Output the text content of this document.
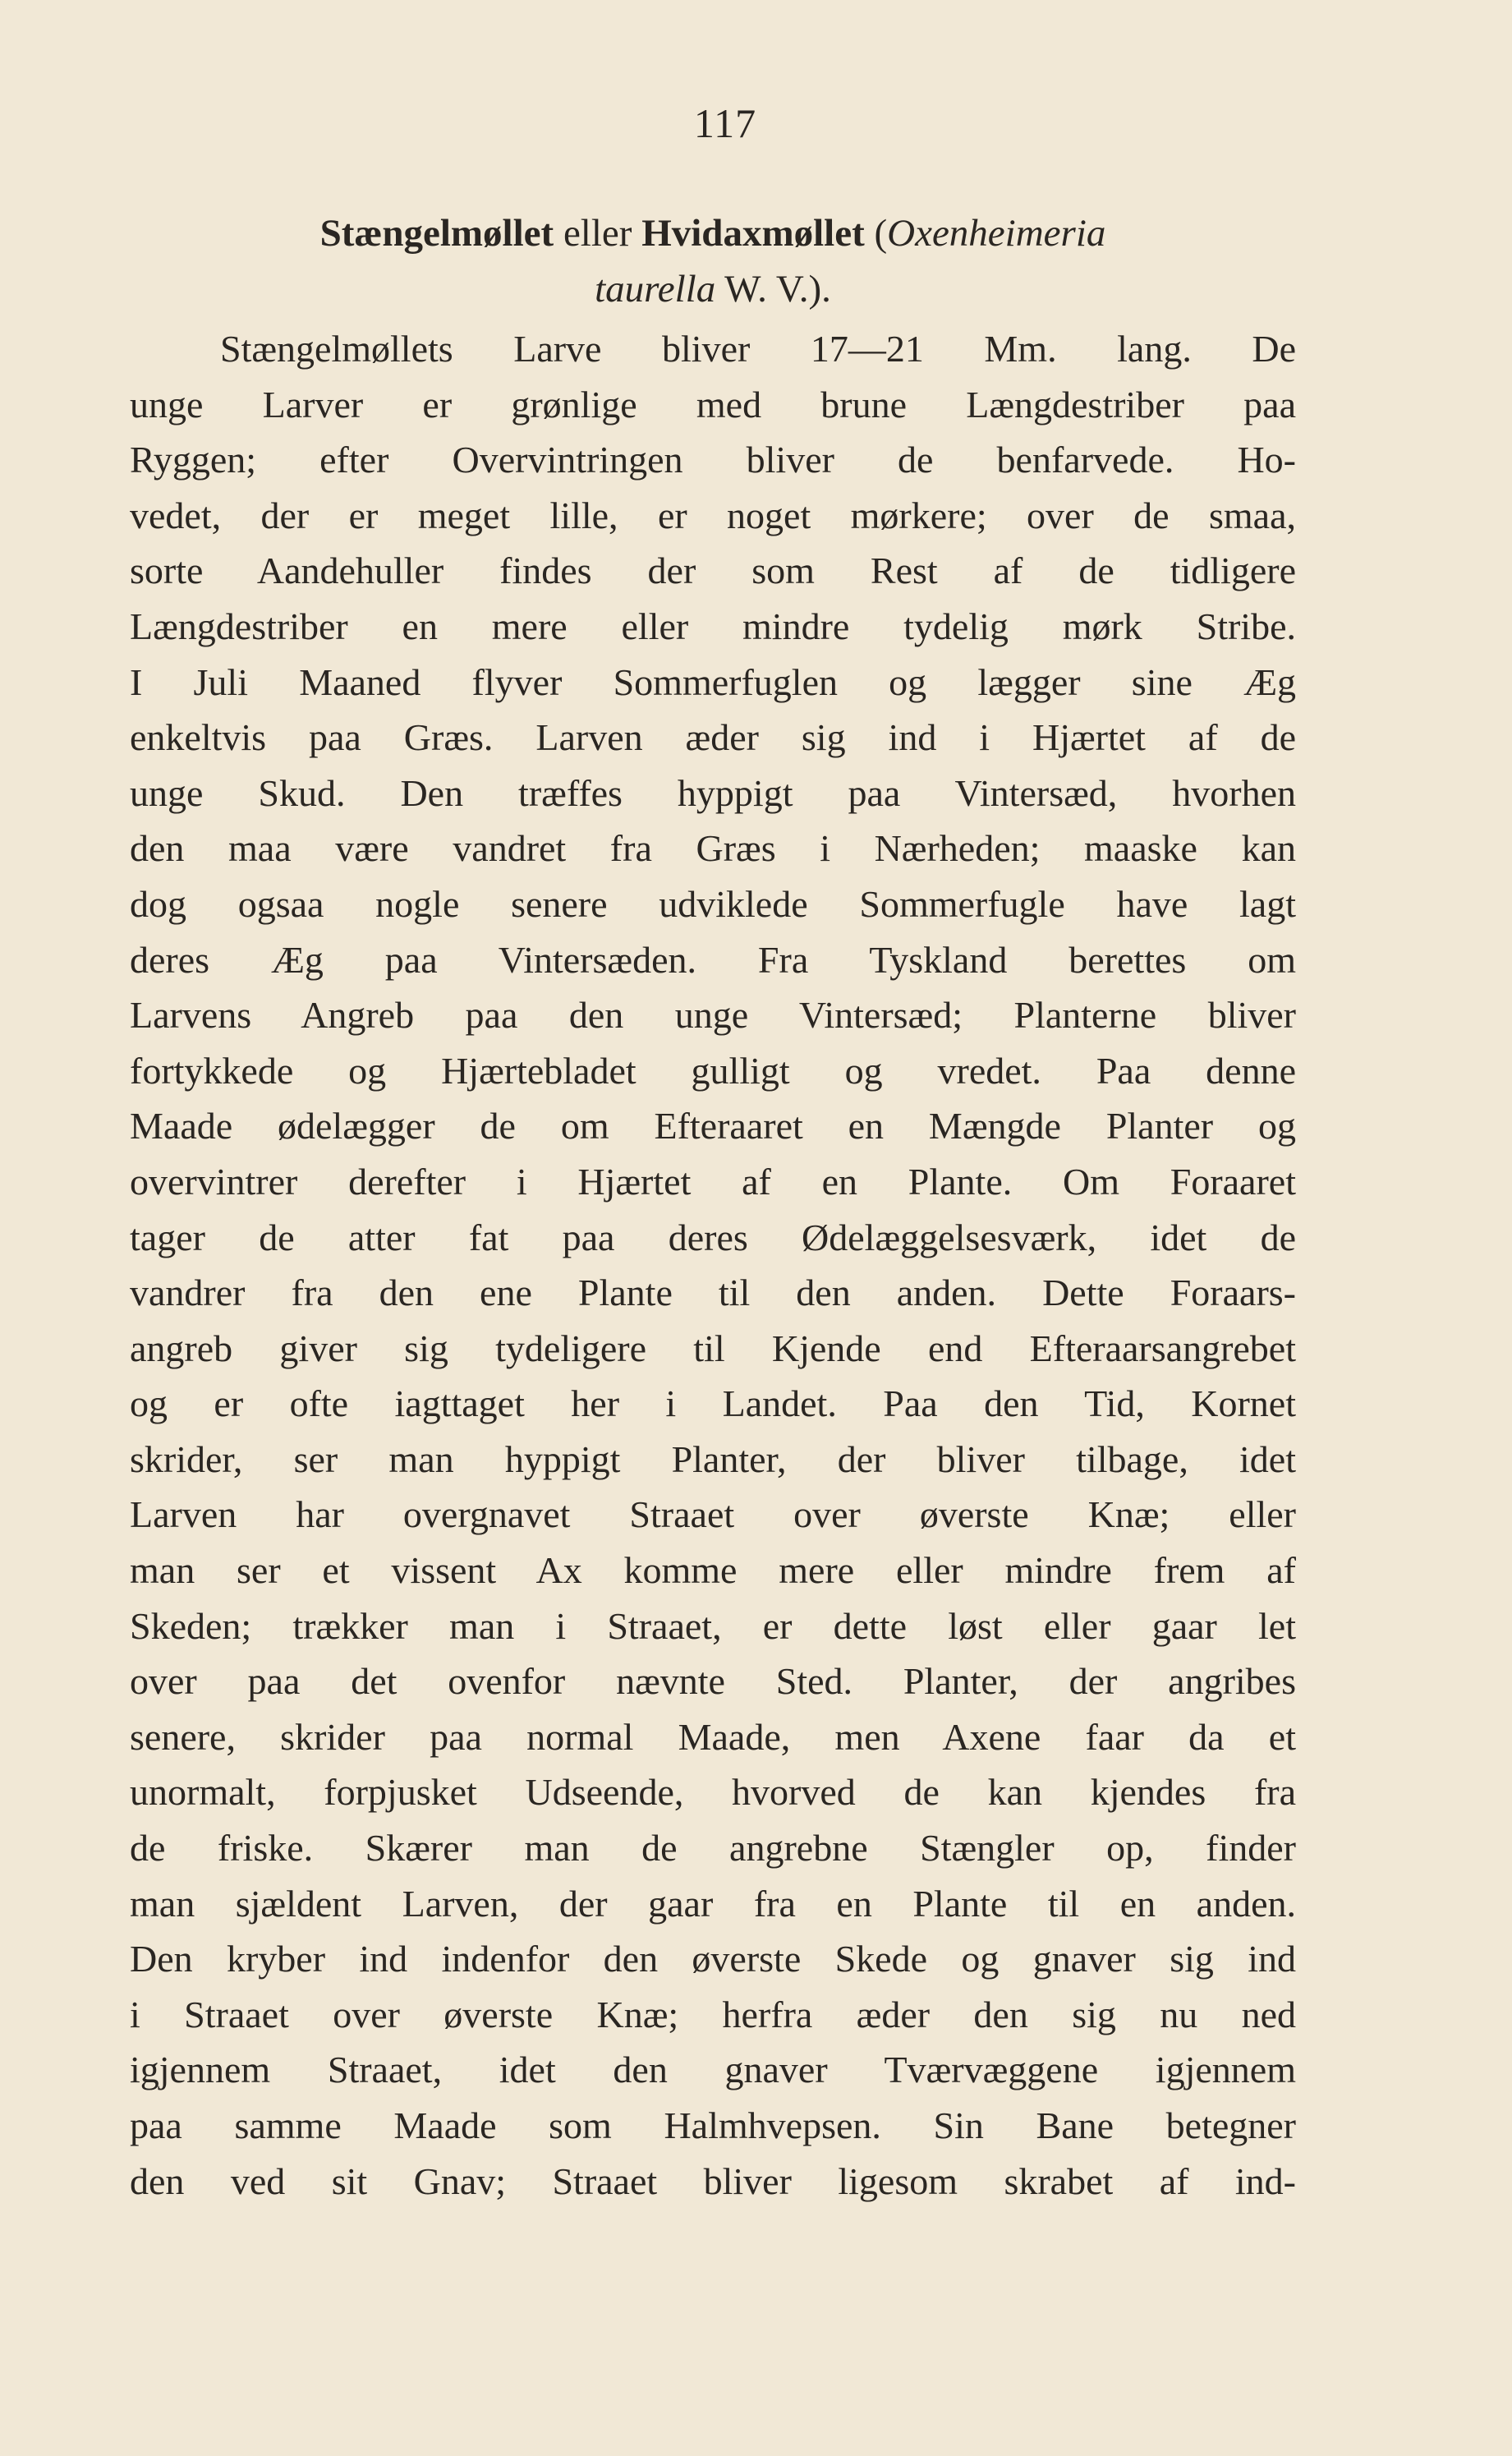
117
Stængelmøllet eller Hvidaxmøllet (Oxenheimeria
taurella W. V.).
Stængelmøllets Larve bliver 17—21 Mm. lang. De
unge Larver er grønlige med brune Længdestriber paa
Ryggen; efter Overvintringen bliver de benfarvede. Ho-
vedet, der er meget lille, er noget mørkere; over de smaa,
sorte Aandehuller findes der som Rest af de tidligere
Længdestriber en mere eller mindre tydelig mørk Stribe.
I Juli Maaned flyver Sommerfuglen og lægger sine Æg
enkeltvis paa Græs. Larven æder sig ind i Hjærtet af de
unge Skud. Den træffes hyppigt paa Vintersæd, hvorhen
den maa være vandret fra Græs i Nærheden; maaske kan
dog ogsaa nogle senere udviklede Sommerfugle have lagt
deres Æg paa Vintersæden. Fra Tyskland berettes om
Larvens Angreb paa den unge Vintersæd; Planterne bliver
fortykkede og Hjærtebladet gulligt og vredet. Paa denne
Maade ødelægger de om Efteraaret en Mængde Planter og
overvintrer derefter i Hjærtet af en Plante. Om Foraaret
tager de atter fat paa deres Ødelæggelsesværk, idet de
vandrer fra den ene Plante til den anden. Dette Foraars-
angreb giver sig tydeligere til Kjende end Efteraarsangrebet
og er ofte iagttaget her i Landet. Paa den Tid, Kornet
skrider, ser man hyppigt Planter, der bliver tilbage, idet
Larven har overgnavet Straaet over øverste Knæ; eller
man ser et vissent Ax komme mere eller mindre frem af
Skeden; trækker man i Straaet, er dette løst eller gaar let
over paa det ovenfor nævnte Sted. Planter, der angribes
senere, skrider paa normal Maade, men Axene faar da et
unormalt, forpjusket Udseende, hvorved de kan kjendes fra
de friske. Skærer man de angrebne Stængler op, finder
man sjældent Larven, der gaar fra en Plante til en anden.
Den kryber ind indenfor den øverste Skede og gnaver sig ind
i Straaet over øverste Knæ; herfra æder den sig nu ned
igjennem Straaet, idet den gnaver Tværvæggene igjennem
paa samme Maade som Halmhvepsen. Sin Bane betegner
den ved sit Gnav; Straaet bliver ligesom skrabet af ind-
